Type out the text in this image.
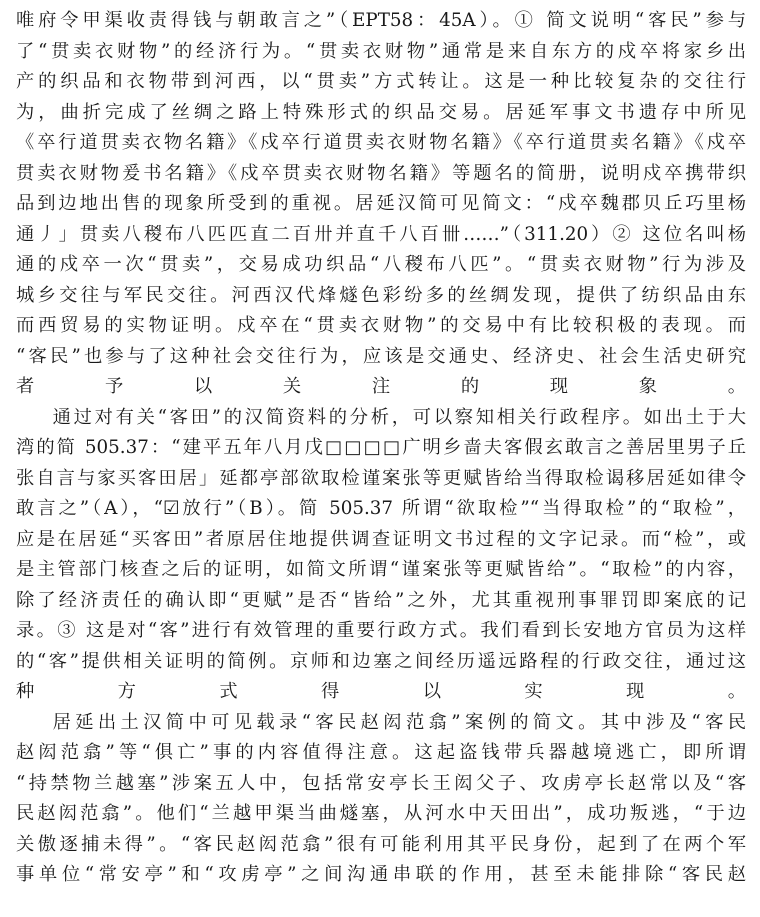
唯府令甲渠收责得钱与朝敢言之”（EPT58：45A）。① 简文说明“客民”参与
了“贯卖衣财物”的经济行为。“贯卖衣财物”通常是来自东方的戍卒将家乡出
产的织品和衣物带到河西，以“贯卖”方式转让。这是一种比较复杂的交往行
为，曲折完成了丝绸之路上特殊形式的织品交易。居延军事文书遗存中所见
《卒行道贯卖衣物名籍》《戍卒行道贯卖衣财物名籍》《卒行道贯卖名籍》《戍卒
贯卖衣财物爰书名籍》《戍卒贯卖衣财物名籍》等题名的简册，说明戍卒携带织
品到边地出售的现象所受到的重视。居延汉简可见简文：“戍卒魏郡贝丘巧里杨
通丿」贯卖八稯布八匹匹直二百卅并直千八百卌……”（311.20）② 这位名叫杨
通的戍卒一次“贯卖”，交易成功织品“八稯布八匹”。“贯卖衣财物”行为涉及
城乡交往与军民交往。河西汉代烽燧色彩纷多的丝绸发现，提供了纺织品由东
而西贸易的实物证明。戍卒在“贯卖衣财物”的交易中有比较积极的表现。而
“客民”也参与了这种社会交往行为，应该是交通史、经济史、社会生活史研究
者予以关注的现象。
通过对有关“客田”的汉简资料的分析，可以察知相关行政程序。如出土于大
湾的简 505.37：“建平五年八月戊□□□□广明乡啬夫客假玄敢言之善居里男子丘
张自言与家买客田居」延都亭部欲取检谨案张等更赋皆给当得取检谒移居延如律令
敢言之”（A），“☑放行”（B）。简 505.37 所谓“欲取检”“当得取检”的“取检”，
应是在居延“买客田”者原居住地提供调查证明文书过程的文字记录。而“检”，或
是主管部门核查之后的证明，如简文所谓“谨案张等更赋皆给”。“取检”的内容，
除了经济责任的确认即“更赋”是否“皆给”之外，尤其重视刑事罪罚即案底的记
录。③ 这是对“客”进行有效管理的重要行政方式。我们看到长安地方官员为这样
的“客”提供相关证明的简例。京师和边塞之间经历遥远路程的行政交往，通过这
种方式得以实现。
居延出土汉简中可见载录“客民赵闳范翕”案例的简文。其中涉及“客民
赵闳范翕”等“俱亡”事的内容值得注意。这起盗钱带兵器越境逃亡，即所谓
“持禁物兰越塞”涉案五人中，包括常安亭长王闳父子、攻虏亭长赵常以及“客
民赵闳范翕”。他们“兰越甲渠当曲燧塞，从河水中天田出”，成功叛逃，“于边
关傲逐捕未得”。“客民赵闳范翕”很有可能利用其平民身份，起到了在两个军
事单位“常安亭”和“攻虏亭”之间沟通串联的作用，甚至未能排除“客民赵
